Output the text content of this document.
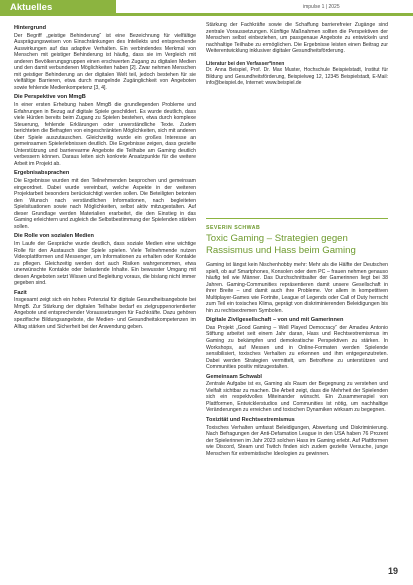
Aktuelles	impulse 1 | 2025
Hintergrund

Der Begriff „geistige Behinderung“ ist eine Bezeichnung für vielfältige Ausprägungsweisen von Einschränkungen des Intellekts und entsprechende Auswirkungen auf das adaptive Verhalten. Ein verbindendes Merkmal von Menschen mit geistiger Behinderung ist häufig, dass sie im Vergleich mit anderen Bevölkerungsgruppen einen erschwerten Zugang zu digitalen Medien und den damit verbundenen Möglichkeiten haben [2]. Zwar nehmen Menschen mit geistiger Behinderung an der digitalen Welt teil, jedoch bestehen für sie vielfältige Barrieren, etwa durch mangelnde Zugänglichkeit von Angeboten sowie fehlende Medienkompetenz [3, 4].

Die Perspektive von MmgB

In einer ersten Erhebung haben MmgB die grundlegenden Probleme und Erfahrungen in Bezug auf digitale Spiele geschildert. Es wurde deutlich, dass viele Hürden bereits beim Zugang zu Spielen bestehen, etwa durch komplexe Steuerung, fehlende Erklärungen oder unverständliche Texte. Zudem berichteten die Befragten von eingeschränkten Möglichkeiten, sich mit anderen über Spiele auszutauschen. Gleichzeitig wurde ein großes Interesse an gemeinsamen Spielerlebnissen deutlich. Die Ergebnisse zeigen, dass gezielte Unterstützung und barrierearme Angebote die Teilhabe am Gaming deutlich verbessern können. Daraus leiten sich konkrete Ansatzpunkte für die weitere Arbeit im Projekt ab.

Ergebnisabsprachen

Die Ergebnisse wurden mit den Teilnehmenden besprochen und gemeinsam eingeordnet. Dabei wurde vereinbart, welche Aspekte in der weiteren Projektarbeit besonders berücksichtigt werden sollen. Die Beteiligten betonten den Wunsch nach verständlichen Informationen, nach begleiteten Spielsituationen sowie nach Möglichkeiten, selbst aktiv mitzugestalten. Auf dieser Grundlage werden Materialien erarbeitet, die den Einstieg in das Gaming erleichtern und zugleich die Selbstbestimmung der Spielenden stärken sollen.

Die Rolle von sozialen Medien

Im Laufe der Gespräche wurde deutlich, dass soziale Medien eine wichtige Rolle für den Austausch über Spiele spielen. Viele Teilnehmende nutzen Videoplattformen und Messenger, um Informationen zu erhalten oder Kontakte zu pflegen. Gleichzeitig werden dort auch Risiken wahrgenommen, etwa unerwünschte Kontakte oder belastende Inhalte. Ein bewusster Umgang mit diesen Angeboten setzt Wissen und Begleitung voraus, die bislang nicht immer gegeben sind.

Fazit

Insgesamt zeigt sich ein hohes Potenzial für digitale Gesundheitsangebote bei MmgB. Zur Stärkung der digitalen Teilhabe bedarf es zielgruppenorientierter Angebote und entsprechender Voraussetzungen für Fachkräfte. Dazu gehören spezifische Bildungsangebote, die Medien- und Gesundheitskompetenzen im Alltag stärken und Sicherheit bei der Anwendung geben.

Stärkung der Fachkräfte sowie die Schaffung barrierefreier Zugänge sind zentrale Voraussetzungen. Künftige Maßnahmen sollten die Perspektiven der Menschen selbst einbeziehen, um passgenaue Angebote zu entwickeln und nachhaltige Teilhabe zu ermöglichen. Die Ergebnisse leisten einen Beitrag zur Weiterentwicklung inklusiver digitaler Gesundheitsförderung.

Literatur bei den Verfasser*innen
Dr. Anna Beispiel, Prof. Dr. Max Muster, Hochschule Beispielstadt, Institut für Bildung und Gesundheitsförderung, Beispielweg 12, 12345 Beispielstadt, E-Mail: info@beispiel.de, Internet: www.beispiel.de
SEVERIN SCHWAB
Toxic Gaming – Strategien gegen Rassismus und Hass beim Gaming

Gaming ist längst kein Nischenhobby mehr: Mehr als die Hälfte der Deutschen spielt, ob auf Smartphones, Konsolen oder dem PC – frauen nehmen genauso häufig teil wie Männer. Das Durchschnittsalter der Gamerinnen liegt bei 38 Jahren. Gaming-Communities repräsentieren damit unsere Gesellschaft in ihrer Breite – und damit auch ihre Probleme. Vor allem in kompetitiven Multiplayer-Games wie Fortnite, League of Legends oder Call of Duty herrscht zum Teil ein toxisches Klima, geprägt von diskriminierenden Beleidigungen bis hin zu rechtsextremen Symbolen.

Digitale Zivilgesellschaft – von und mit Gamerinnen

Das Projekt „Good Gaming – Well Played Democracy“ der Amadeu Antonio Stiftung arbeitet seit einem Jahr daran, Hass und Rechtsextremismus im Gaming zu bekämpfen und demokratische Perspektiven zu stärken. In Workshops, auf Messen und in Online-Formaten werden Spielende sensibilisiert, toxisches Verhalten zu erkennen und ihm entgegenzutreten. Dabei werden Strategien vermittelt, um Betroffene zu unterstützen und Communities positiv mitzugestalten.

Gemeinsam Schwabl

Zentrale Aufgabe ist es, Gaming als Raum der Begegnung zu verstehen und Vielfalt sichtbar zu machen. Die Arbeit zeigt, dass die Mehrheit der Spielenden sich ein respektvolles Miteinander wünscht. Ein Zusammenspiel von Plattformen, Entwicklerstudios und Communities ist nötig, um nachhaltige Veränderungen zu erreichen und toxischen Dynamiken wirksam zu begegnen.

Toxizität und Rechtsextremismus

Toxisches Verhalten umfasst Beleidigungen, Abwertung und Diskriminierung. Nach Befragungen der Anti-Defamation League in den USA haben 76 Prozent der Spielerinnen im Jahr 2023 solchen Hass im Gaming erlebt. Auf Plattformen wie Discord, Steam und Twitch finden sich zudem gezielte Versuche, junge Menschen für extremistische Ideologien zu gewinnen.

19
